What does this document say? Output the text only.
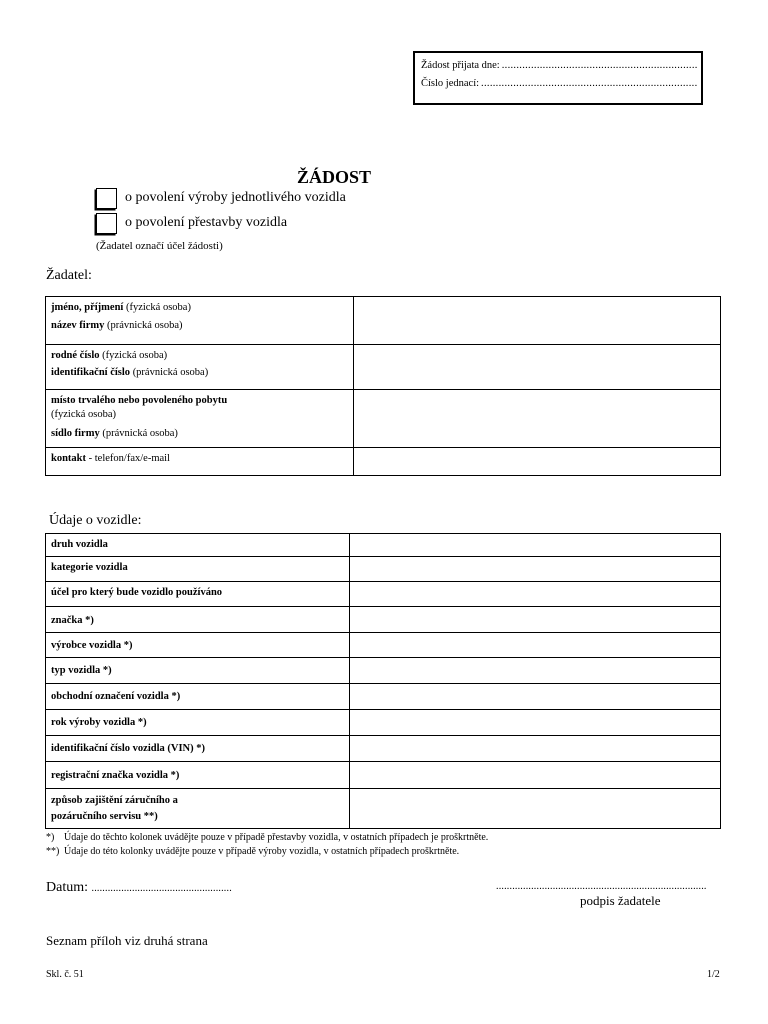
Žádost přijata dne:
.....
Číslo jednací:
.....
ŽÁDOST
o povolení výroby jednotlivého vozidla
o povolení přestavby vozidla
(Žadatel označí účel žádosti)
Žadatel:
jméno, příjmení (fyzická osoba)
název firmy (právnická osoba)	

rodné číslo (fyzická osoba)
identifikační číslo (právnická osoba)	

místo trvalého nebo povoleného pobytu
(fyzická osoba)
sídlo firmy (právnická osoba)	

kontakt - telefon/fax/e-mail	

Údaje o vozidle:
druh vozidla	

kategorie vozidla	

účel pro který bude vozidlo používáno	

značka *)	

výrobce vozidla *)	

typ vozidla *)	

obchodní označení vozidla *)	

rok výroby vozidla *)	

identifikační číslo vozidla (VIN) *)	

registrační značka vozidla *)	

způsob zajištění záručního a pozáručního servisu **)	

*) Údaje do těchto kolonek uvádějte pouze v případě přestavby vozidla, v ostatních případech je proškrtněte.
**) Údaje do této kolonky uvádějte pouze v případě výroby vozidla, v ostatních případech proškrtněte.
Datum: ....................................................	..............................................................................
podpis žadatele
Seznam příloh viz druhá strana
Skl. č. 51	1/2
